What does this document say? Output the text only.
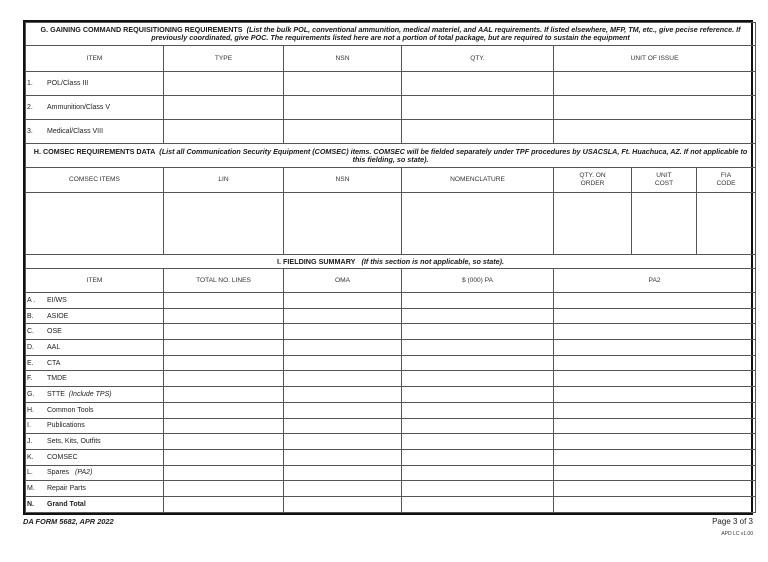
G. GAINING COMMAND REQUISITIONING REQUIREMENTS (List the bulk POL, conventional ammunition, medical materiel, and AAL requirements. If listed elsewhere, MFP, TM, etc., give pecise reference. If previously coordinated, give POC. The requirements listed here are not a portion of total package, but are required to sustain the equipment						
ITEM	TYPE	NSN	QTY.	UNIT OF ISSUE		
1. POL/Class III						
2. Ammunition/Class V						
3. Medical/Class VIII						
H. COMSEC REQUIREMENTS DATA (List all Communication Security Equipment (COMSEC) items. COMSEC will be fielded separately under TPF procedures by USACSLA, Ft. Huachuca, AZ. If not applicable to this fielding, so state).						
COMSEC ITEMS	LIN	NSN	NOMENCLATURE	QTY. ON ORDER	UNIT COST	FIA CODE

I. FIELDING SUMMARY (If this section is not applicable, so state).						
ITEM	TOTAL NO. LINES	OMA	$ (000) PA	PA2		
A . EI/WS						
B. ASIOE						
C. OSE						
D. AAL						
E. CTA						
F. TMDE						
G. STTE (Include TPS)						
H. Common Tools						
I. Publications						
J. Sets, Kits, Outfits						
K. COMSEC						
L. Spares (PA2)						
M. Repair Parts						
N. Grand Total						
DA FORM 5682, APR 2022	Page 3 of 3
APD LC v1.00
